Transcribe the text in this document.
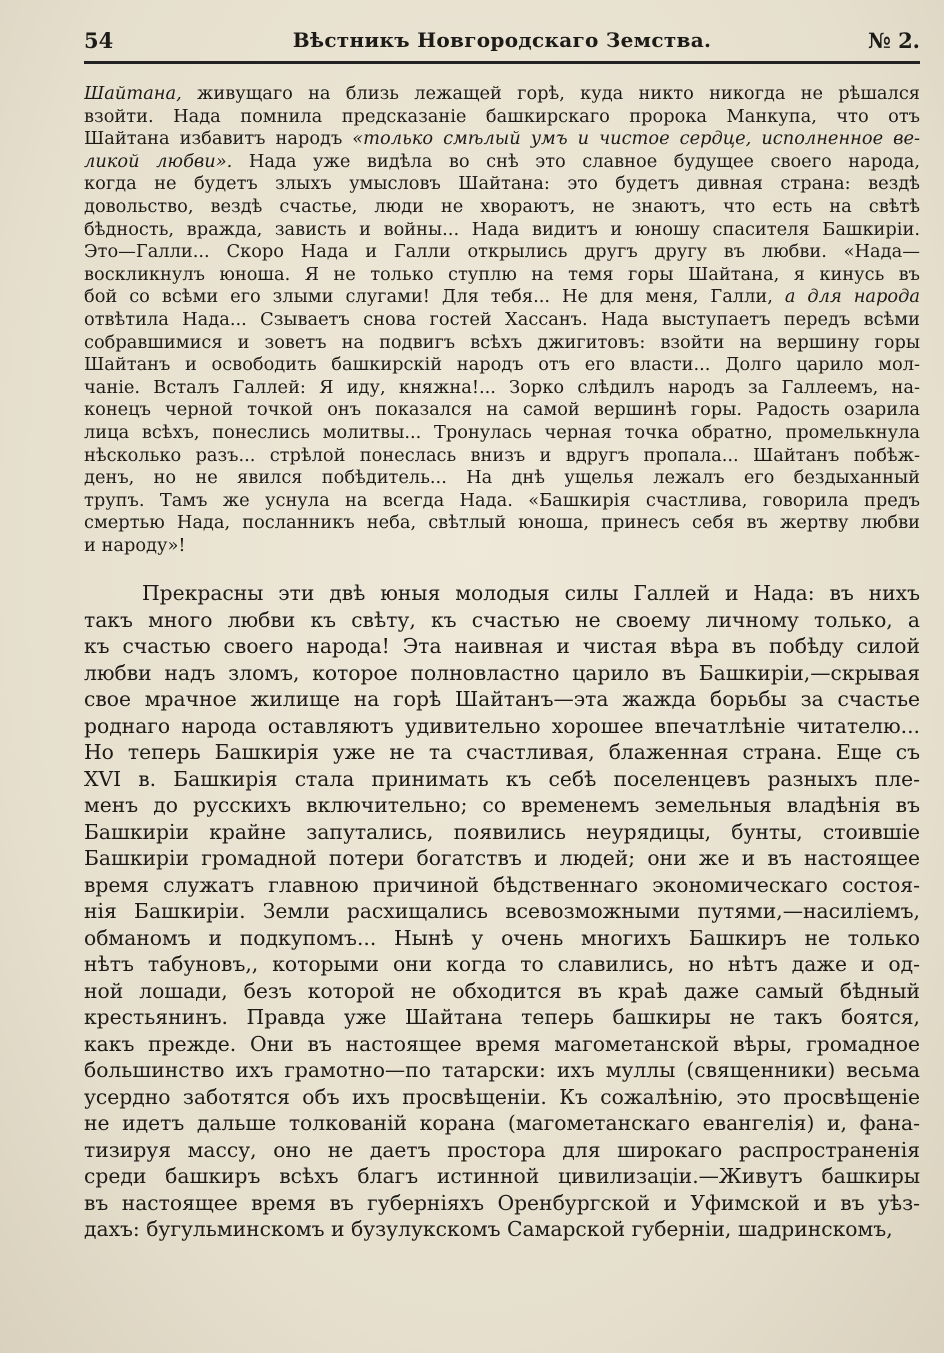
54	Вѣстникъ Новгородскаго Земства.	№ 2.
Шайтана, живущаго на близь лежащей горѣ, куда никто никогда не рѣшался
взойти. Нада помнила предсказаніе башкирскаго пророка Манкупа, что отъ
Шайтана избавитъ народъ «только смѣлый умъ и чистое сердце, исполненное ве-
ликой любви». Нада уже видѣла во снѣ это славное будущее своего народа,
когда не будетъ злыхъ умысловъ Шайтана: это будетъ дивная страна: вездѣ
довольство, вездѣ счастье, люди не хвораютъ, не знаютъ, что есть на свѣтѣ
бѣдность, вражда, зависть и войны... Нада видитъ и юношу спасителя Башкиріи.
Это—Галли... Скоро Нада и Галли открылись другъ другу въ любви. «Нада—
воскликнулъ юноша. Я не только ступлю на темя горы Шайтана, я кинусь въ
бой со всѣми его злыми слугами! Для тебя... Не для меня, Галли, а для народа
отвѣтила Нада... Сзываетъ снова гостей Хассанъ. Нада выступаетъ передъ всѣми
собравшимися и зоветъ на подвигъ всѣхъ джигитовъ: взойти на вершину горы
Шайтанъ и освободить башкирскій народъ отъ его власти... Долго царило мол-
чаніе. Всталъ Галлей: Я иду, княжна!... Зорко слѣдилъ народъ за Галлеемъ, на-
конецъ черной точкой онъ показался на самой вершинѣ горы. Радость озарила
лица всѣхъ, понеслись молитвы... Тронулась черная точка обратно, промелькнула
нѣсколько разъ... стрѣлой понеслась внизъ и вдругъ пропала... Шайтанъ побѣж-
денъ, но не явился побѣдитель... На днѣ ущелья лежалъ его бездыханный
трупъ. Тамъ же уснула на всегда Нада. «Башкирія счастлива, говорила предъ
смертью Нада, посланникъ неба, свѣтлый юноша, принесъ себя въ жертву любви
и народу»!
Прекрасны эти двѣ юныя молодыя силы Галлей и Нада: въ нихъ
такъ много любви къ свѣту, къ счастью не своему личному только, а
къ счастью своего народа! Эта наивная и чистая вѣра въ побѣду силой
любви надъ зломъ, которое полновластно царило въ Башкиріи,—скрывая
свое мрачное жилище на горѣ Шайтанъ—эта жажда борьбы за счастье
роднаго народа оставляютъ удивительно хорошее впечатлѣніе читателю...
Но теперь Башкирія уже не та счастливая, блаженная страна. Еще съ
XVI в. Башкирія стала принимать къ себѣ поселенцевъ разныхъ пле-
менъ до русскихъ включительно; со временемъ земельныя владѣнія въ
Башкиріи крайне запутались, появились неурядицы, бунты, стоившіе
Башкиріи громадной потери богатствъ и людей; они же и въ настоящее
время служатъ главною причиной бѣдственнаго экономическаго состоя-
нія Башкиріи. Земли расхищались всевозможными путями,—насиліемъ,
обманомъ и подкупомъ... Нынѣ у очень многихъ Башкиръ не только
нѣтъ табуновъ,, которыми они когда то славились, но нѣтъ даже и од-
ной лошади, безъ которой не обходится въ краѣ даже самый бѣдный
крестьянинъ. Правда уже Шайтана теперь башкиры не такъ боятся,
какъ прежде. Они въ настоящее время магометанской вѣры, громадное
большинство ихъ грамотно—по татарски: ихъ муллы (священники) весьма
усердно заботятся объ ихъ просвѣщеніи. Къ сожалѣнію, это просвѣщеніе
не идетъ дальше толкованій корана (магометанскаго евангелія) и, фана-
тизируя массу, оно не даетъ простора для широкаго распространенія
среди башкиръ всѣхъ благъ истинной цивилизаціи.—Живутъ башкиры
въ настоящее время въ губерніяхъ Оренбургской и Уфимской и въ уѣз-
дахъ: бугульминскомъ и бузулукскомъ Самарской губерніи, шадринскомъ,
